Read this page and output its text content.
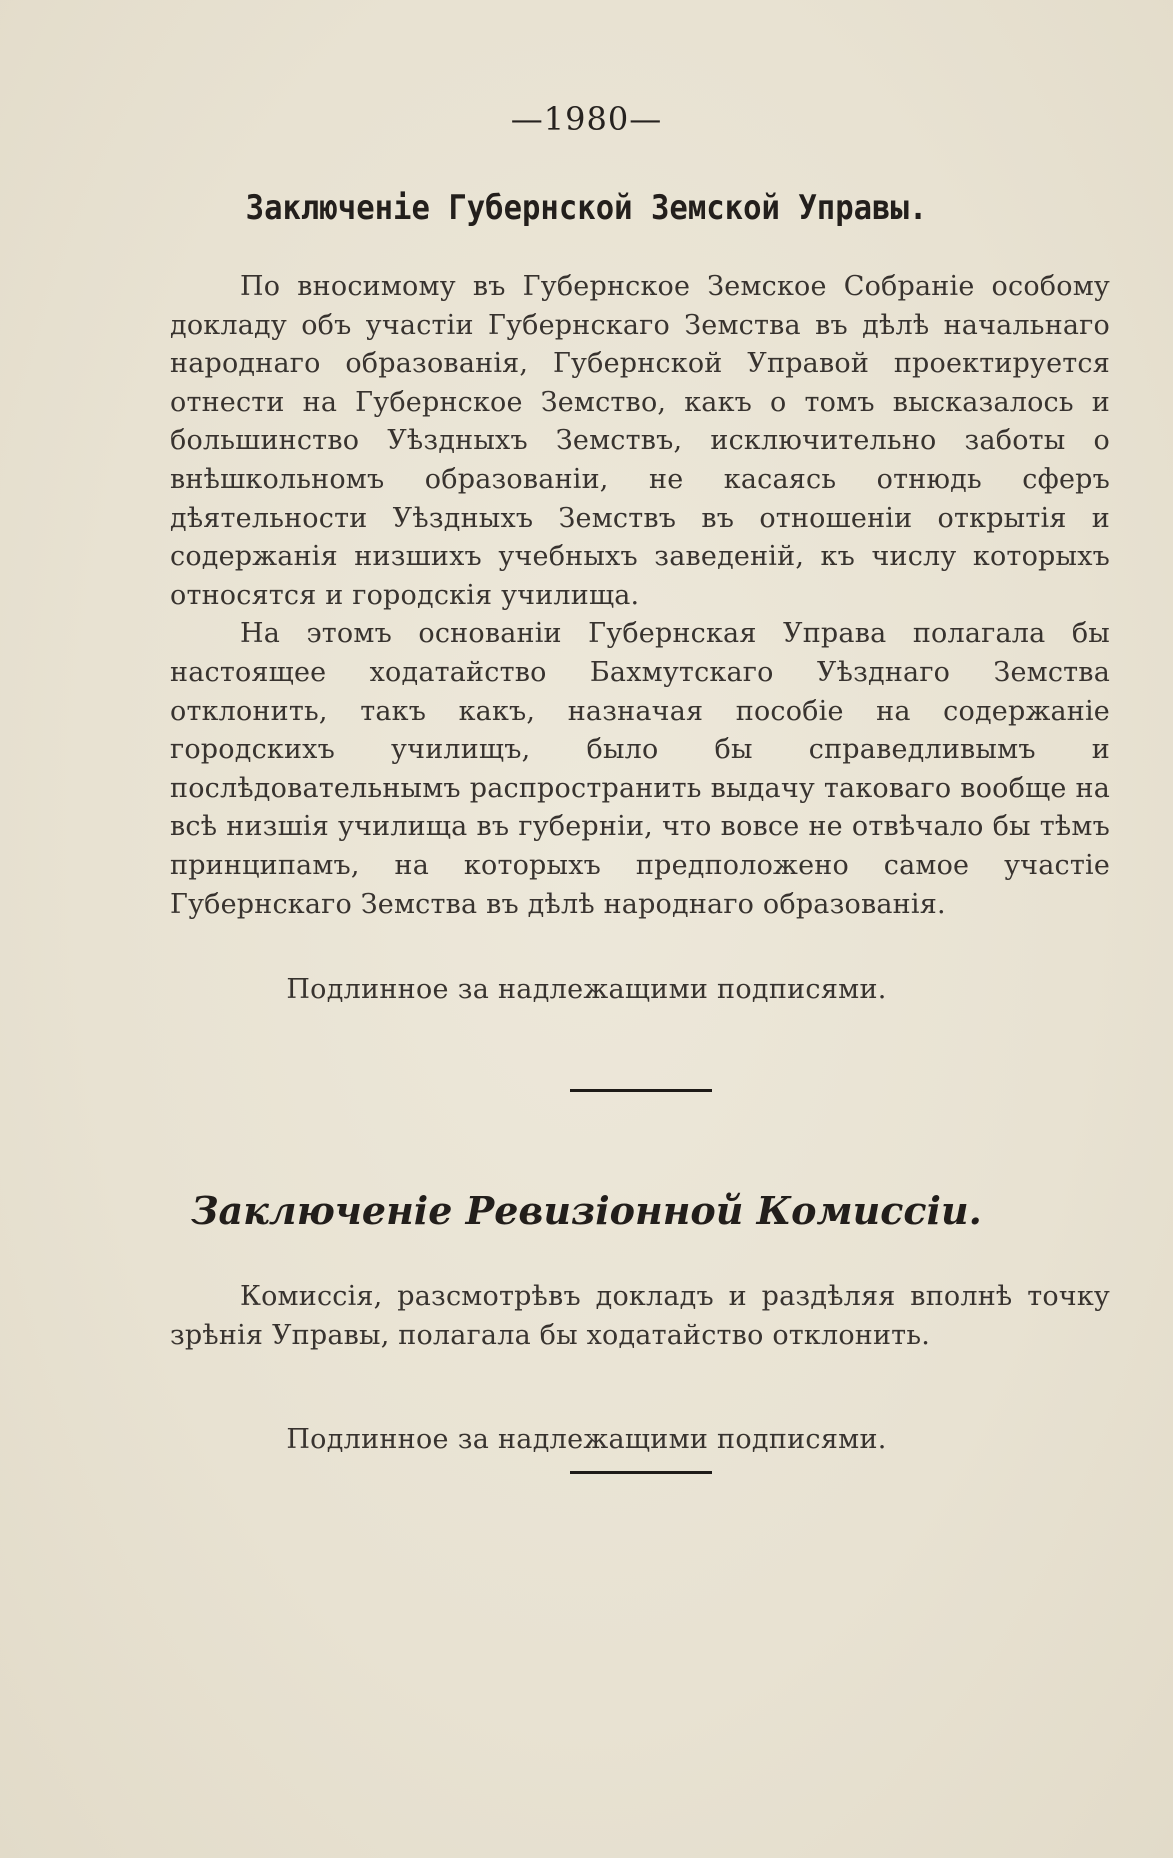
—1980—
Заключенiе Губернской Земской Управы.

По вносимому въ Губернское Земское Собранiе особому докладу объ участiи Губернскаго Земства въ дѣлѣ начальнаго народнаго образованiя, Губернской Управой проектируется отнести на Губернское Земство, какъ о томъ высказалось и большинство Уѣздныхъ Земствъ, исключительно заботы о внѣшкольномъ образованiи, не касаясь отнюдь сферъ дѣятельности Уѣздныхъ Земствъ въ отношенiи открытiя и содержанiя низшихъ учебныхъ заведенiй, къ числу которыхъ относятся и городскiя училища.

На этомъ основанiи Губернская Управа полагала бы настоящее ходатайство Бахмутскаго Уѣзднаго Земства отклонить, такъ какъ, назначая пособiе на содержанiе городскихъ училищъ, было бы справедливымъ и послѣдовательнымъ распространить выдачу таковаго вообще на всѣ низшiя училища въ губернiи, что вовсе не отвѣчало бы тѣмъ принципамъ, на которыхъ предположено самое участiе Губернскаго Земства въ дѣлѣ народнаго образованiя.

Подлинное за надлежащими подписями.
Заключенiе Ревизiонной Комиссiи.

Комиссiя, разсмотрѣвъ докладъ и раздѣляя вполнѣ точку зрѣнiя Управы, полагала бы ходатайство отклонить.

Подлинное за надлежащими подписями.
